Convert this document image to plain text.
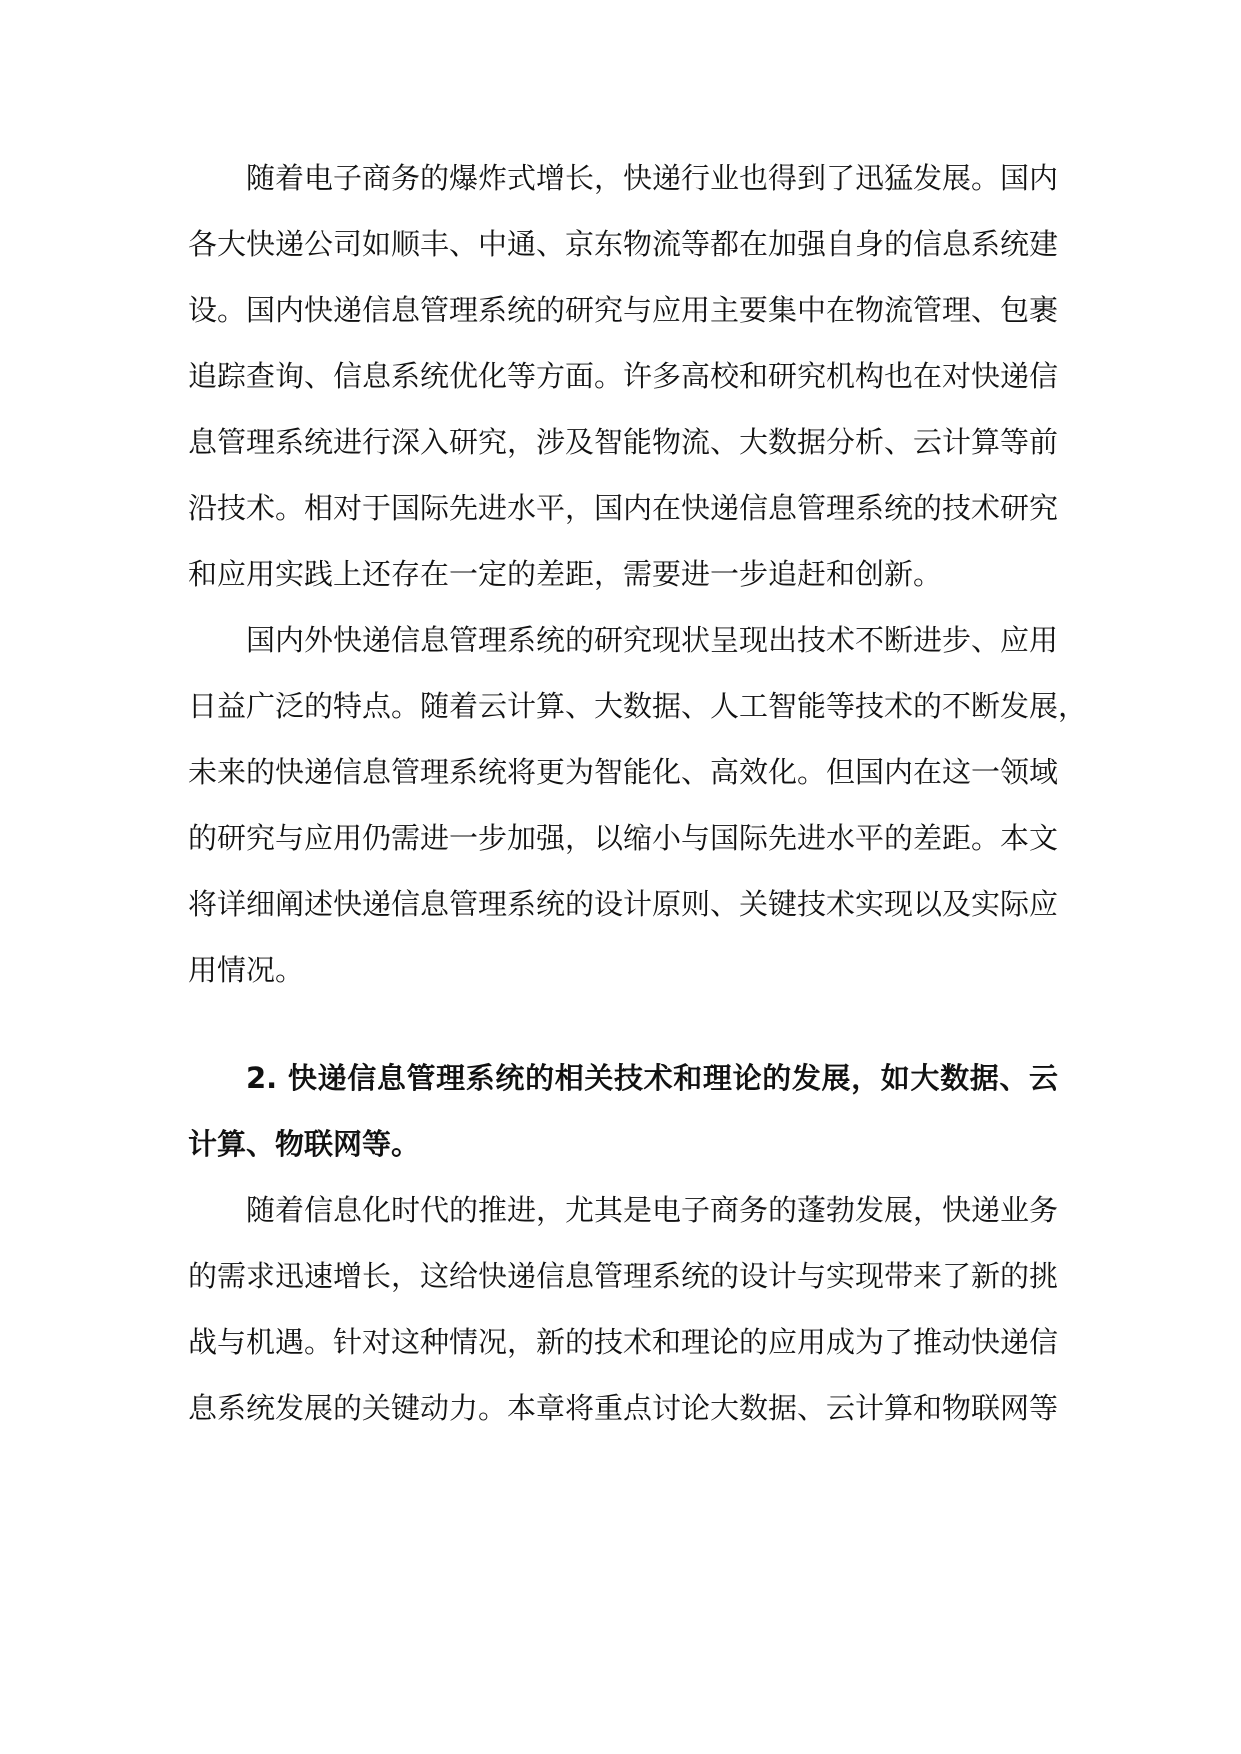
随着电子商务的爆炸式增长，快递行业也得到了迅猛发展。国内
各大快递公司如顺丰、中通、京东物流等都在加强自身的信息系统建
设。国内快递信息管理系统的研究与应用主要集中在物流管理、包裹
追踪查询、信息系统优化等方面。许多高校和研究机构也在对快递信
息管理系统进行深入研究，涉及智能物流、大数据分析、云计算等前
沿技术。相对于国际先进水平，国内在快递信息管理系统的技术研究
和应用实践上还存在一定的差距，需要进一步追赶和创新。
国内外快递信息管理系统的研究现状呈现出技术不断进步、应用
日益广泛的特点。随着云计算、大数据、人工智能等技术的不断发展，
未来的快递信息管理系统将更为智能化、高效化。但国内在这一领域
的研究与应用仍需进一步加强，以缩小与国际先进水平的差距。本文
将详细阐述快递信息管理系统的设计原则、关键技术实现以及实际应
用情况。
2. 快递信息管理系统的相关技术和理论的发展，如大数据、云
计算、物联网等。
随着信息化时代的推进，尤其是电子商务的蓬勃发展，快递业务
的需求迅速增长，这给快递信息管理系统的设计与实现带来了新的挑
战与机遇。针对这种情况，新的技术和理论的应用成为了推动快递信
息系统发展的关键动力。本章将重点讨论大数据、云计算和物联网等
